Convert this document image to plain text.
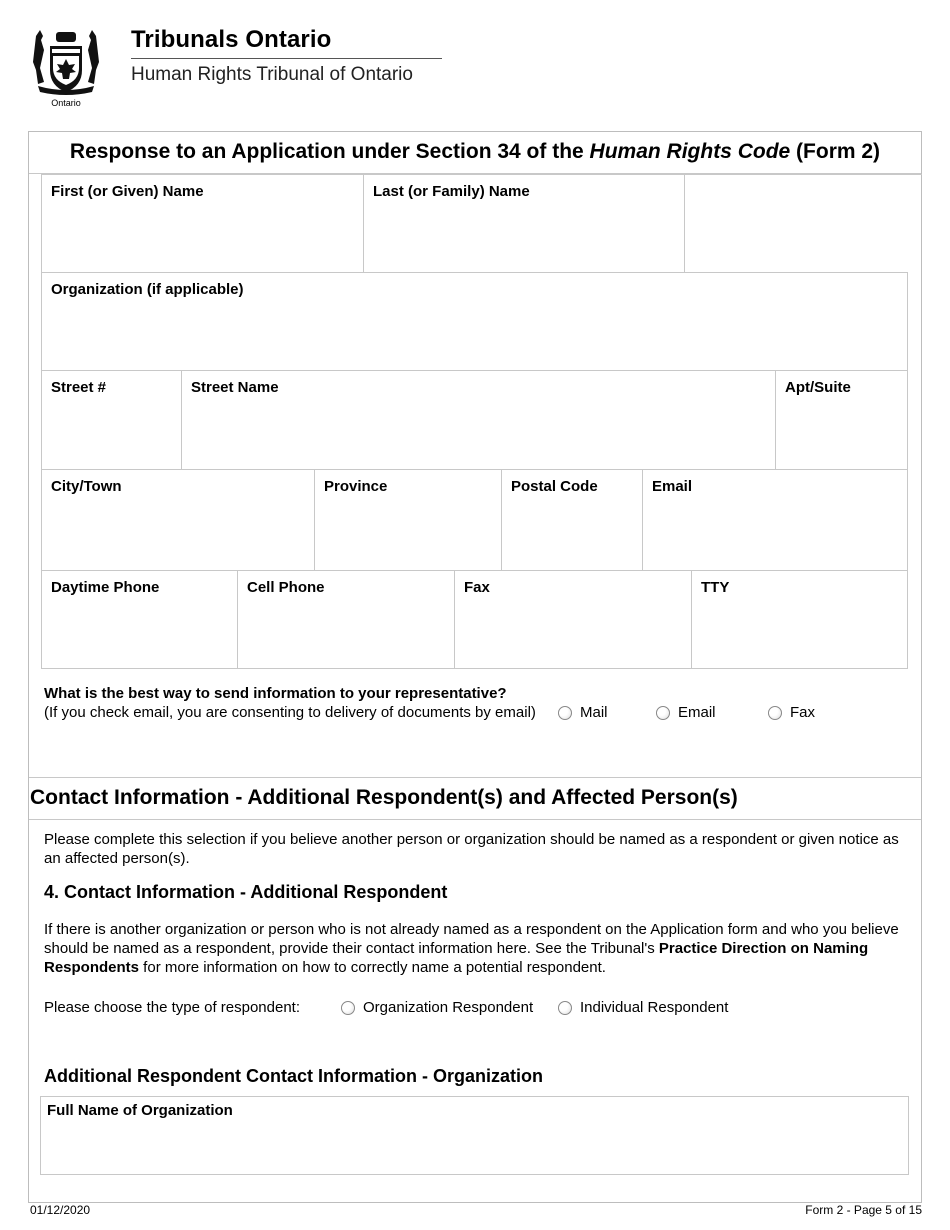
Ontario
Tribunals Ontario
Human Rights Tribunal of Ontario
Response to an Application under Section 34 of the Human Rights Code (Form 2)
First (or Given) Name	Last (or Family) Name
Organization (if applicable)
Street #	Street Name	Apt/Suite
City/Town	Province	Postal Code	Email
Daytime Phone	Cell Phone	Fax	TTY
What is the best way to send information to your representative?
(If you check email, you are consenting to delivery of documents by email)	Mail	Email	Fax
Contact Information - Additional Respondent(s) and Affected Person(s)
Please complete this selection if you believe another person or organization should be named as a respondent or given notice as an affected person(s).
4. Contact Information - Additional Respondent
If there is another organization or person who is not already named as a respondent on the Application form and who you believe should be named as a respondent, provide their contact information here. See the Tribunal's Practice Direction on Naming Respondents for more information on how to correctly name a potential respondent.
Please choose the type of respondent:	Organization Respondent	Individual Respondent
Additional Respondent Contact Information - Organization
Full Name of Organization
01/12/2020	Form 2 - Page 5 of 15
